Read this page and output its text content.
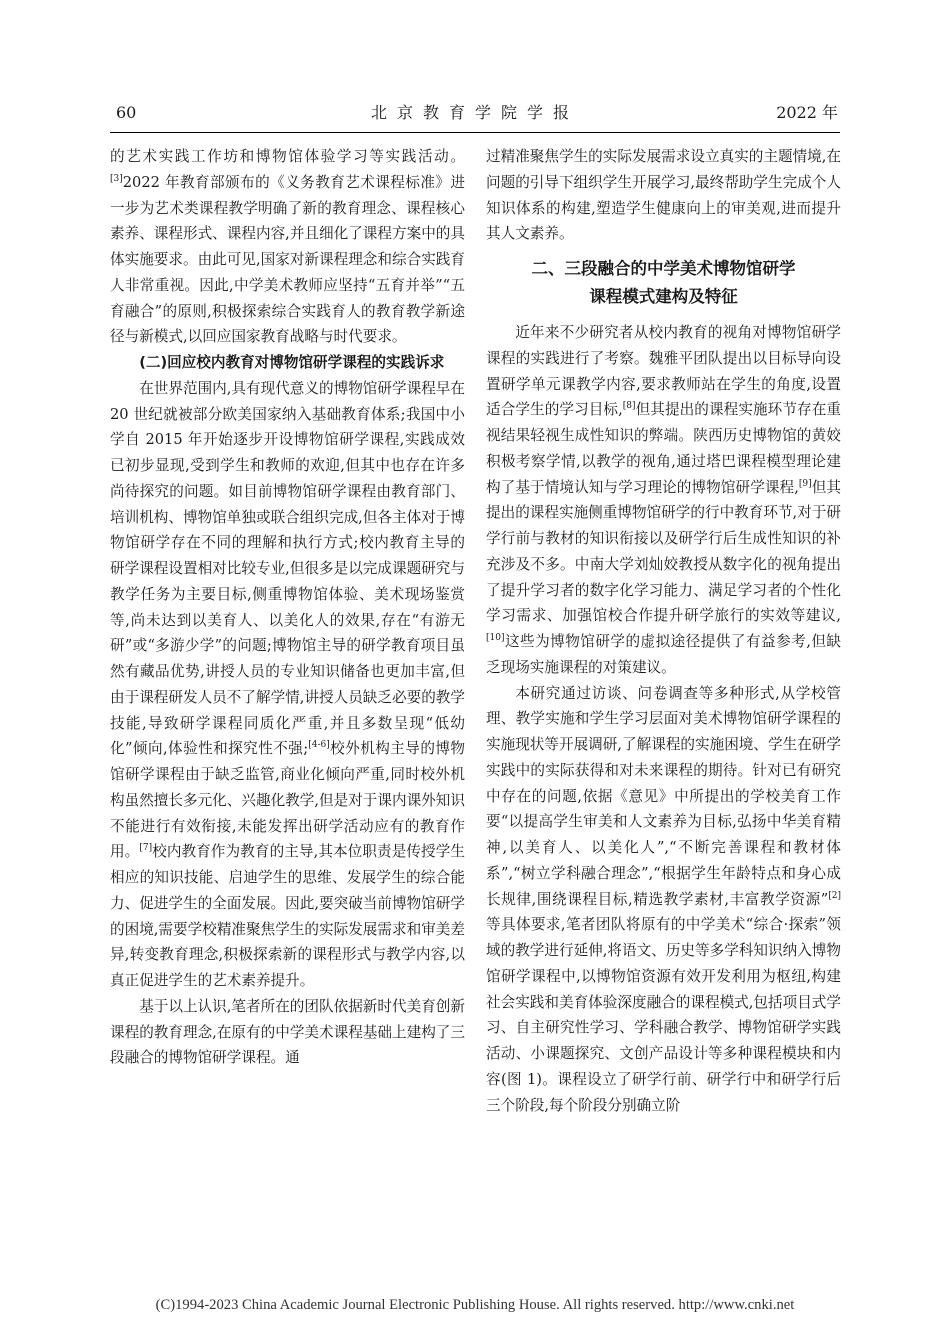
60	北京教育学院学报	2022 年

的艺术实践工作坊和博物馆体验学习等实践活动。[3]2022 年教育部颁布的《义务教育艺术课程标准》进一步为艺术类课程教学明确了新的教育理念、课程核心素养、课程形式、课程内容,并且细化了课程方案中的具体实施要求。由此可见,国家对新课程理念和综合实践育人非常重视。因此,中学美术教师应坚持“五育并举”“五育融合”的原则,积极探索综合实践育人的教育教学新途径与新模式,以回应国家教育战略与时代要求。

(二)回应校内教育对博物馆研学课程的实践诉求

在世界范围内,具有现代意义的博物馆研学课程早在 20 世纪就被部分欧美国家纳入基础教育体系;我国中小学自 2015 年开始逐步开设博物馆研学课程,实践成效已初步显现,受到学生和教师的欢迎,但其中也存在许多尚待探究的问题。如目前博物馆研学课程由教育部门、培训机构、博物馆单独或联合组织完成,但各主体对于博物馆研学存在不同的理解和执行方式;校内教育主导的研学课程设置相对比较专业,但很多是以完成课题研究与教学任务为主要目标,侧重博物馆体验、美术现场鉴赏等,尚未达到以美育人、以美化人的效果,存在“有游无研”或“多游少学”的问题;博物馆主导的研学教育项目虽然有藏品优势,讲授人员的专业知识储备也更加丰富,但由于课程研发人员不了解学情,讲授人员缺乏必要的教学技能,导致研学课程同质化严重,并且多数呈现“低幼化”倾向,体验性和探究性不强;[4-6]校外机构主导的博物馆研学课程由于缺乏监管,商业化倾向严重,同时校外机构虽然擅长多元化、兴趣化教学,但是对于课内课外知识不能进行有效衔接,未能发挥出研学活动应有的教育作用。[7]校内教育作为教育的主导,其本位职责是传授学生相应的知识技能、启迪学生的思维、发展学生的综合能力、促进学生的全面发展。因此,要突破当前博物馆研学的困境,需要学校精准聚焦学生的实际发展需求和审美差异,转变教育理念,积极探索新的课程形式与教学内容,以真正促进学生的艺术素养提升。

基于以上认识,笔者所在的团队依据新时代美育创新课程的教育理念,在原有的中学美术课程基础上建构了三段融合的博物馆研学课程。通

过精准聚焦学生的实际发展需求设立真实的主题情境,在问题的引导下组织学生开展学习,最终帮助学生完成个人知识体系的构建,塑造学生健康向上的审美观,进而提升其人文素养。

二、三段融合的中学美术博物馆研学
课程模式建构及特征

近年来不少研究者从校内教育的视角对博物馆研学课程的实践进行了考察。魏雅平团队提出以目标导向设置研学单元课教学内容,要求教师站在学生的角度,设置适合学生的学习目标,[8]但其提出的课程实施环节存在重视结果轻视生成性知识的弊端。陕西历史博物馆的黄姣积极考察学情,以教学的视角,通过塔巴课程模型理论建构了基于情境认知与学习理论的博物馆研学课程,[9]但其提出的课程实施侧重博物馆研学的行中教育环节,对于研学行前与教材的知识衔接以及研学行后生成性知识的补充涉及不多。中南大学刘灿姣教授从数字化的视角提出了提升学习者的数字化学习能力、满足学习者的个性化学习需求、加强馆校合作提升研学旅行的实效等建议,[10]这些为博物馆研学的虚拟途径提供了有益参考,但缺乏现场实施课程的对策建议。

本研究通过访谈、问卷调查等多种形式,从学校管理、教学实施和学生学习层面对美术博物馆研学课程的实施现状等开展调研,了解课程的实施困境、学生在研学实践中的实际获得和对未来课程的期待。针对已有研究中存在的问题,依据《意见》中所提出的学校美育工作要“以提高学生审美和人文素养为目标,弘扬中华美育精神,以美育人、以美化人”,“不断完善课程和教材体系”,“树立学科融合理念”,“根据学生年龄特点和身心成长规律,围绕课程目标,精选教学素材,丰富教学资源”[2]等具体要求,笔者团队将原有的中学美术“综合·探索”领域的教学进行延伸,将语文、历史等多学科知识纳入博物馆研学课程中,以博物馆资源有效开发利用为枢纽,构建社会实践和美育体验深度融合的课程模式,包括项目式学习、自主研究性学习、学科融合教学、博物馆研学实践活动、小课题探究、文创产品设计等多种课程模块和内容(图 1)。课程设立了研学行前、研学行中和研学行后三个阶段,每个阶段分别确立阶

(C)1994-2023 China Academic Journal Electronic Publishing House. All rights reserved. http://www.cnki.net
